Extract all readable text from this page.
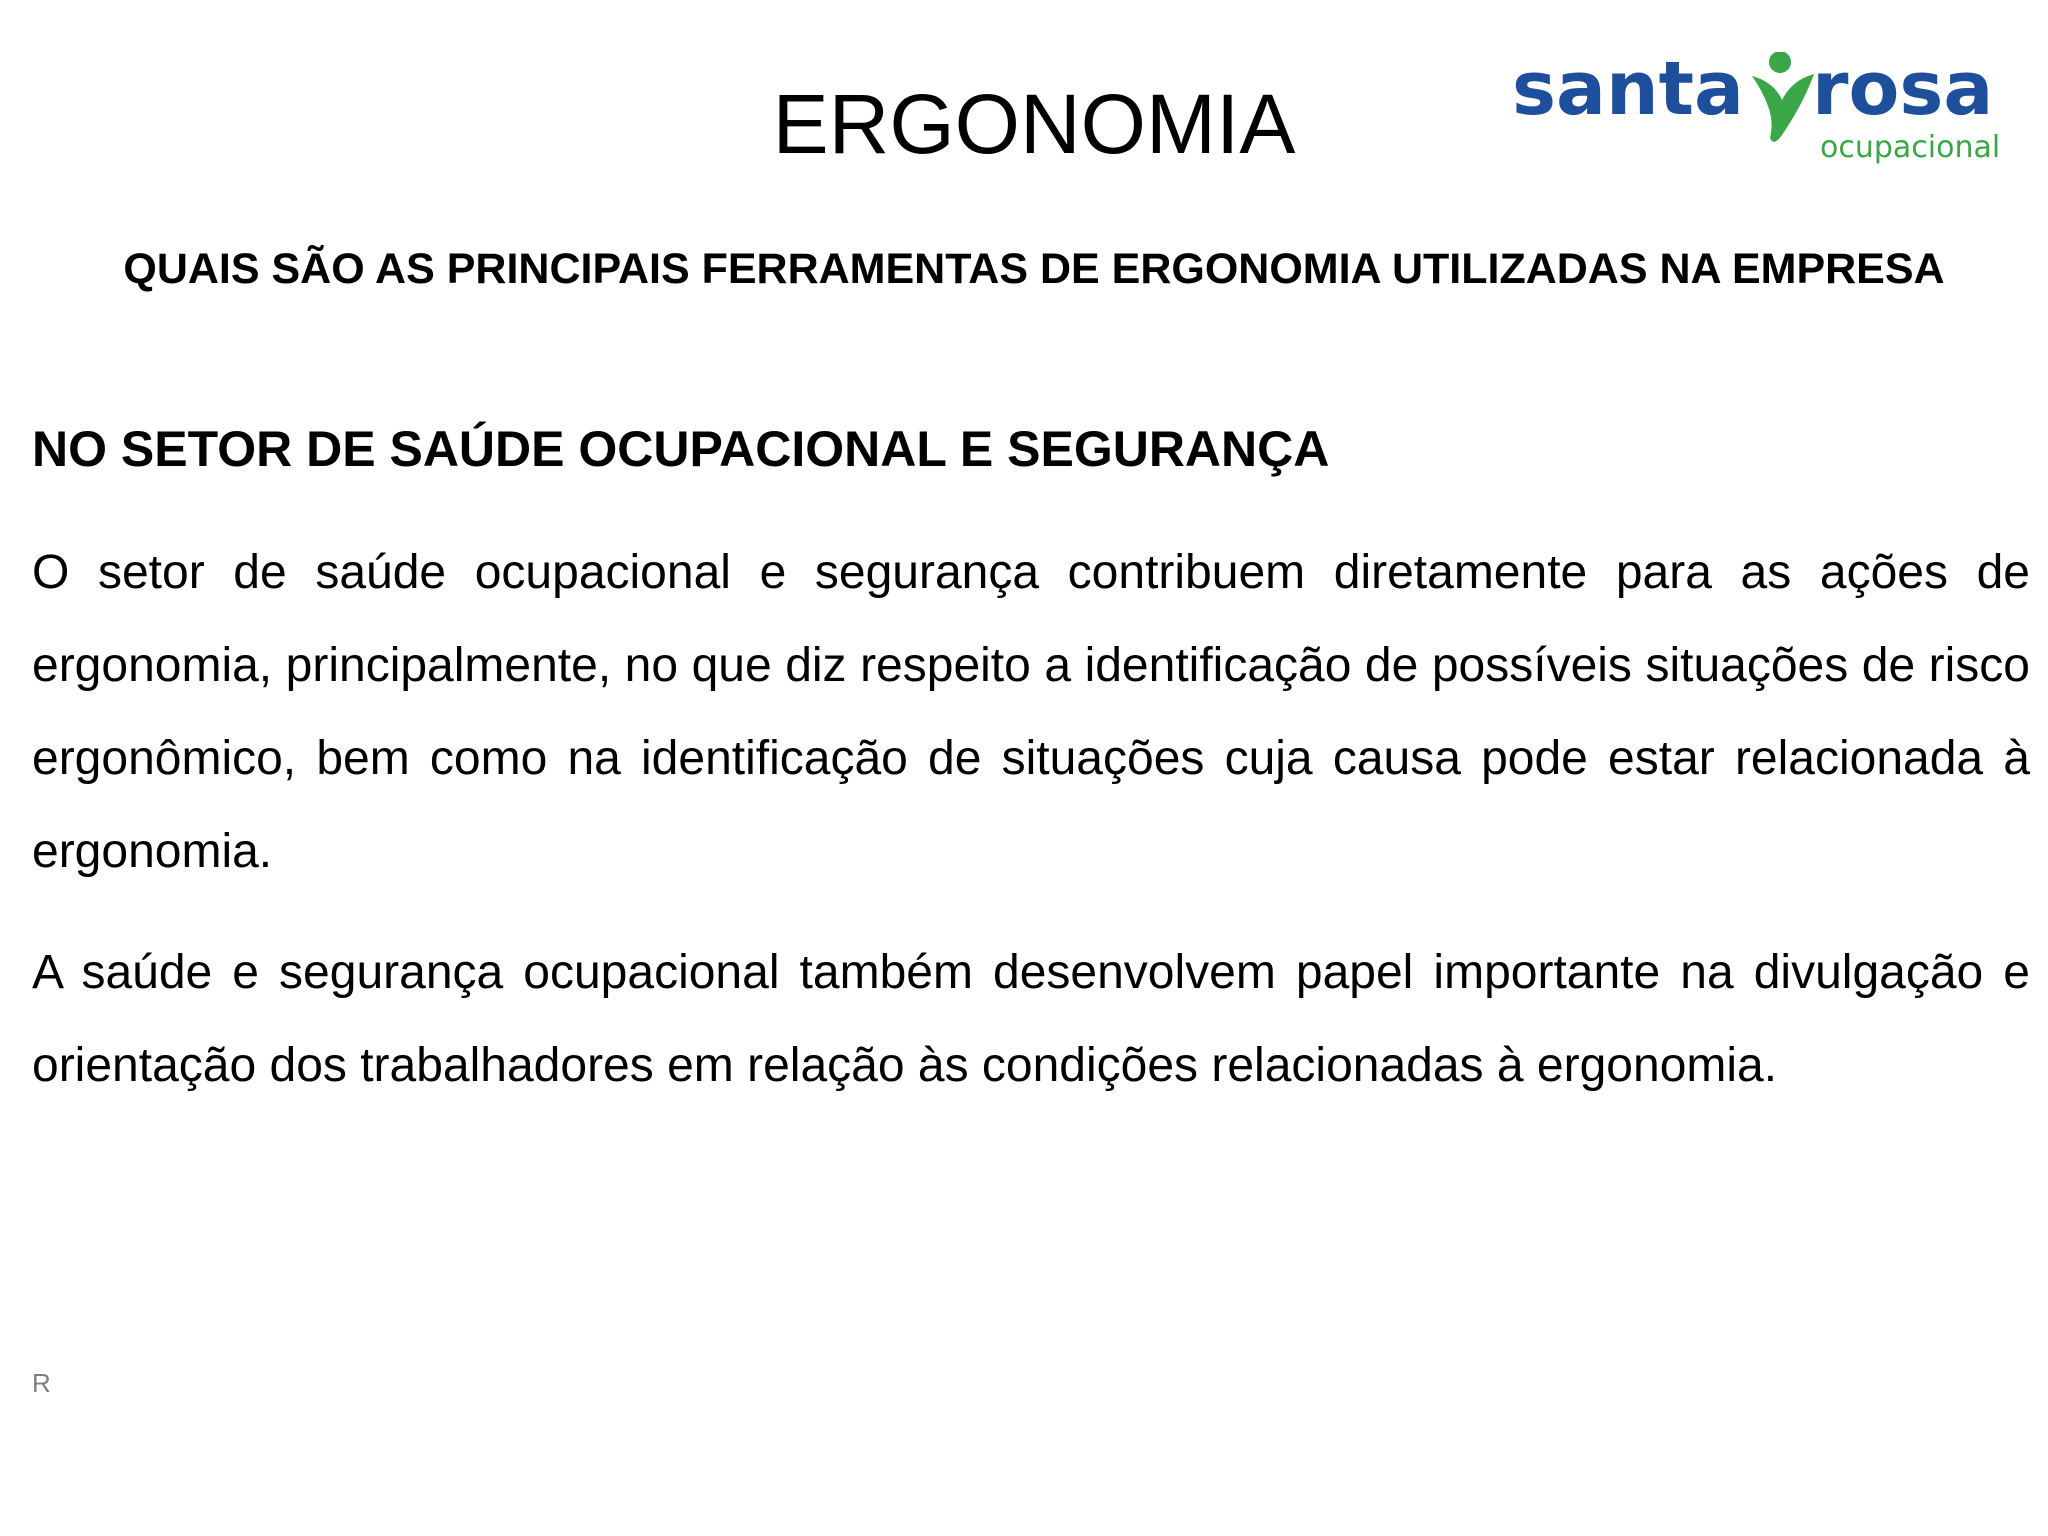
ERGONOMIA	santa rosa
ocupacional
QUAIS SÃO AS PRINCIPAIS FERRAMENTAS DE ERGONOMIA UTILIZADAS NA EMPRESA
NO SETOR DE SAÚDE OCUPACIONAL E SEGURANÇA

O setor de saúde ocupacional e segurança contribuem diretamente para as ações de ergonomia, principalmente, no que diz respeito a identificação de possíveis situações de risco ergonômico, bem como na identificação de situações cuja causa pode estar relacionada à ergonomia.

A saúde e segurança ocupacional também desenvolvem papel importante na divulgação e orientação dos trabalhadores em relação às condições relacionadas à ergonomia.

R
